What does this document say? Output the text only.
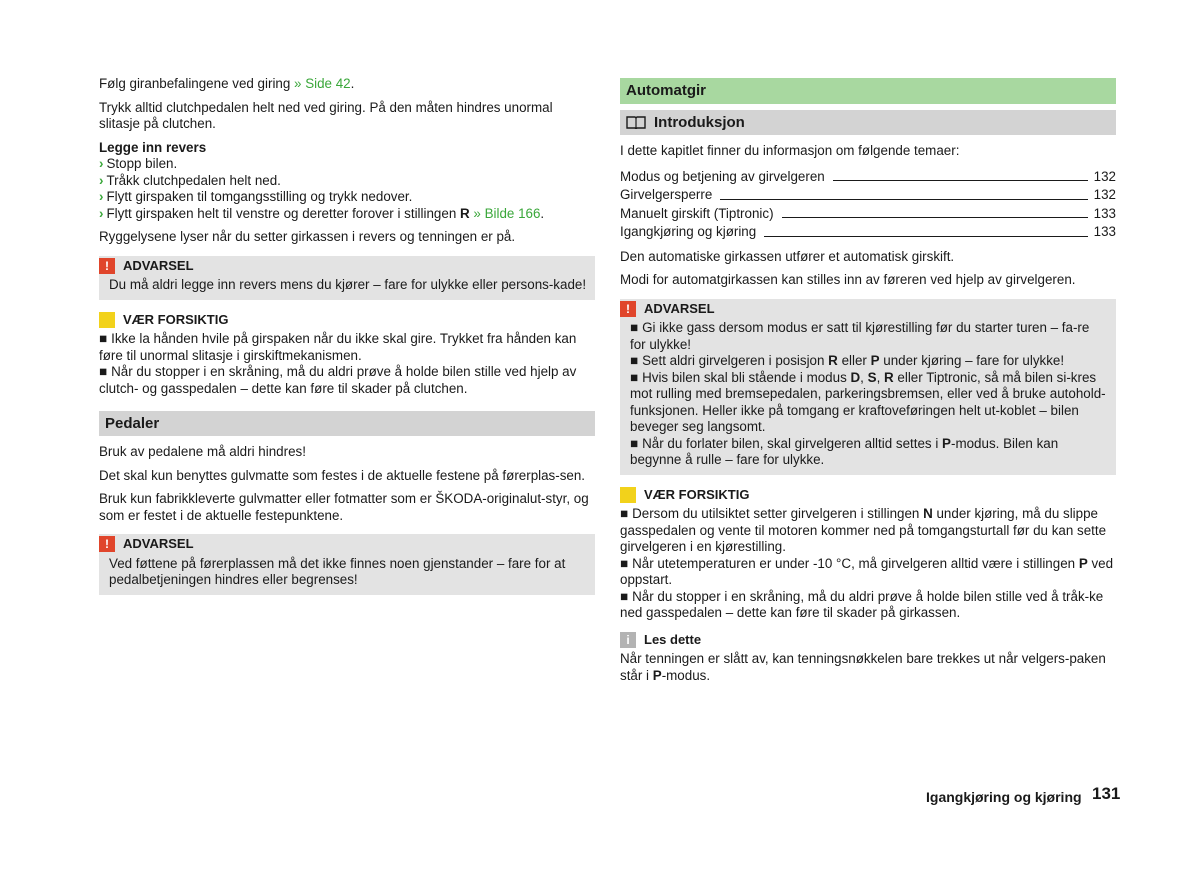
Følg giranbefalingene ved giring » Side 42.

Trykk alltid clutchpedalen helt ned ved giring. På den måten hindres unormal slitasje på clutchen.

Legge inn revers
› Stopp bilen.
› Tråkk clutchpedalen helt ned.
› Flytt girspaken til tomgangsstilling og trykk nedover.
› Flytt girspaken helt til venstre og deretter forover i stillingen R » Bilde 166.

Ryggelysene lyser når du setter girkassen i revers og tenningen er på.

!	ADVARSEL
Du må aldri legge inn revers mens du kjører – fare for ulykke eller persons-kade!
VÆR FORSIKTIG
■ Ikke la hånden hvile på girspaken når du ikke skal gire. Trykket fra hånden kan føre til unormal slitasje i girskiftmekanismen.
■ Når du stopper i en skråning, må du aldri prøve å holde bilen stille ved hjelp av clutch- og gasspedalen – dette kan føre til skader på clutchen.
Pedaler

Bruk av pedalene må aldri hindres!

Det skal kun benyttes gulvmatte som festes i de aktuelle festene på førerplas-sen.

Bruk kun fabrikkleverte gulvmatter eller fotmatter som er ŠKODA-originalut-styr, og som er festet i de aktuelle festepunktene.

!	ADVARSEL
Ved føttene på førerplassen må det ikke finnes noen gjenstander – fare for at pedalbetjeningen hindres eller begrenses!
Automatgir
Introduksjon

I dette kapitlet finner du informasjon om følgende temaer:

Modus og betjening av girvelgeren	132
Girvelgersperre	132
Manuelt girskift (Tiptronic)	133
Igangkjøring og kjøring	133

Den automatiske girkassen utfører et automatisk girskift.

Modi for automatgirkassen kan stilles inn av føreren ved hjelp av girvelgeren.

!	ADVARSEL
■ Gi ikke gass dersom modus er satt til kjørestilling før du starter turen – fa-re for ulykke!
■ Sett aldri girvelgeren i posisjon R eller P under kjøring – fare for ulykke!
■ Hvis bilen skal bli stående i modus D, S, R eller Tiptronic, så må bilen si-kres mot rulling med bremsepedalen, parkeringsbremsen, eller ved å bruke autohold-funksjonen. Heller ikke på tomgang er kraftoveføringen helt ut-koblet – bilen beveger seg langsomt.
■ Når du forlater bilen, skal girvelgeren alltid settes i P-modus. Bilen kan begynne å rulle – fare for ulykke.
VÆR FORSIKTIG
■ Dersom du utilsiktet setter girvelgeren i stillingen N under kjøring, må du slippe gasspedalen og vente til motoren kommer ned på tomgangsturtall før du kan sette girvelgeren i en kjørestilling.
■ Når utetemperaturen er under -10 °C, må girvelgeren alltid være i stillingen P ved oppstart.
■ Når du stopper i en skråning, må du aldri prøve å holde bilen stille ved å tråk-ke ned gasspedalen – dette kan føre til skader på girkassen.
i	Les dette
Når tenningen er slått av, kan tenningsnøkkelen bare trekkes ut når velgers-paken står i P-modus.
Igangkjøring og kjøring 131
